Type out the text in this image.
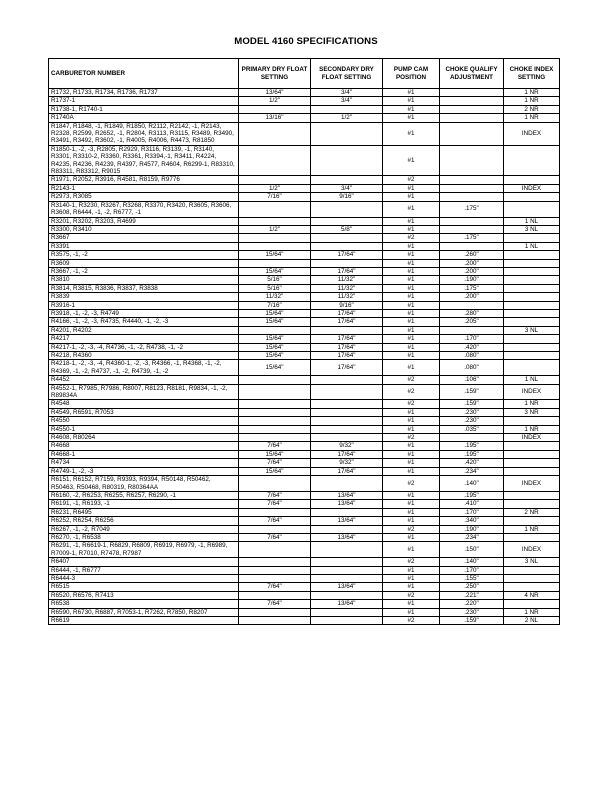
MODEL 4160 SPECIFICATIONS
CARBURETOR NUMBER	PRIMARY DRY FLOAT SETTING	SECONDARY DRY FLOAT SETTING	PUMP CAM POSITION	CHOKE QUALIFY ADJUSTMENT	CHOKE INDEX SETTING
R1732, R1733, R1734, R1736, R1737	13/64"	3/4"	#1		1 NR
R1737-1	1/2"	3/4"	#1		1 NR
R1738-1, R1740-1			#1		2 NR
R1740A	13/16"	1/2"	#1		1 NR
R1847, R1848, -1, R1849, R1850, R2112, R2142, -1, R2143, R2328, R2599, R2652, -1, R2804, R3113, R3115, R3489, R3490, R3491, R3492, R3602, -1, R4005, R4006, R4473, R81850			#1		INDEX
R1850-1, -2, -3, R2805, R2929, R3116, R3139, -1, R3140, R3301, R3310-2, R3360, R3361, R3394,-1, R3411, R4224, R4235, R4236, R4239, R4397, R4577, R4604, R6299-1, R83310, R83311, R83312, R9015			#1		
R1971, R2052, R3916, R4581, R8159, R9776			#2		
R2143-1	1/2"	3/4"	#1		INDEX
R2973, R3085	7/16"	9/16"	#1		
R3140-1, R3230, R3267, R3268, R3370, R3420, R3605, R3606, R3608, R6444, -1, -2, R6777, -1			#1	.175"	
R3201, R3202, R3203, R4699			#1		1 NL
R3300, R3410	1/2"	5/8"	#1		3 NL
R3667			#2	.175"	
R3391			#1		1 NL
R3575, -1, -2	15/64"	17/64"	#1	.260"	
R3609			#1	.200"	
R3667, -1, -2	15/64"	17/64"	#1	.200"	
R3810	5/16"	11/32"	#1	.190"	
R3814, R3815, R3836, R3837, R3838	5/16"	11/32"	#1	.175"	
R3839	11/32"	11/32"	#1	.200"	
R3916-1	7/16"	9/16"	#1		
R3918, -1, -2, -3, R4749	15/64"	17/64"	#1	.280"	
R4166, -1, -2, -3, R4735, R4440, -1, -2, -3	15/64"	17/64"	#1	.205"	
R4201, R4202			#1		3 NL
R4217	15/64"	17/64"	#1	.170"	
R4217-1, -2, -3, -4, R4736, -1, -2, R4738, -1, -2	15/64"	17/64"	#1	.420"	
R4218, R4360	15/64"	17/64"	#1	.080"	
R4218-1, -2, -3, -4, R4360-1, -2, -3, R4366, -1, R4368, -1, -2, R4369, -1, -2, R4737, -1, -2, R4739, -1, -2	15/64"	17/64"	#1	.080"	
R4452			#2	.106"	1 NL
R4552-1, R7985, R7986, R8007, R8123, R8181, R9834, -1, -2, R89834A			#2	.159"	INDEX
R4548			#2	.159"	1 NR
R4549, R6591, R7053			#1	.230"	3 NR
R4550			#1	.230"	
R4550-1			#1	.035"	1 NR
R4608, R80264			#2		INDEX
R4668	7/64"	9/32"	#1	.195"	
R4668-1	15/64"	17/64"	#1	.195"	
R4734	7/64"	9/32"	#1	.420"	
R4749-1, -2, -3	15/64"	17/64"	#1	.234"	
R6151, R6152, R7159, R9393, R9394, R50148, R50462, R50463, R50468, R80319, R80364AA			#2	.140"	INDEX
R6160, -2, R6253, R6255, R6257, R6290, -1	7/64"	13/64"	#1	.195"	
R6191, -1, R6193, -1	7/64"	13/64"	#1	.410"	
R6231, R6495			#1	.170"	2 NR
R6252, R6254, R6256	7/64"	13/64"	#1	.340"	
R6267, -1, -2, R7049			#2	.190"	1 NR
R6270, -1, R6538	7/64"	13/64"	#1	.234"	
R6291, -1, R6619-1, R6829, R6809, R6919, R6979, -1, R6989, R7009-1, R7010, R7478, R7987			#1	.150"	INDEX
R6407			#2	.140"	3 NL
R6444, -1, R6777			#1	.170"	
R6444-3			#1	.155"	
R6515	7/64"	13/64"	#1	.250"	
R6520, R6576, R7413			#2	.221"	4 NR
R6538	7/64"	13/64"	#1	.220"	
R6590, R6730, R6887, R7053-1, R7262, R7850, R8207			#1	.230"	1 NR
R6619			#2	.159"	2 NL
